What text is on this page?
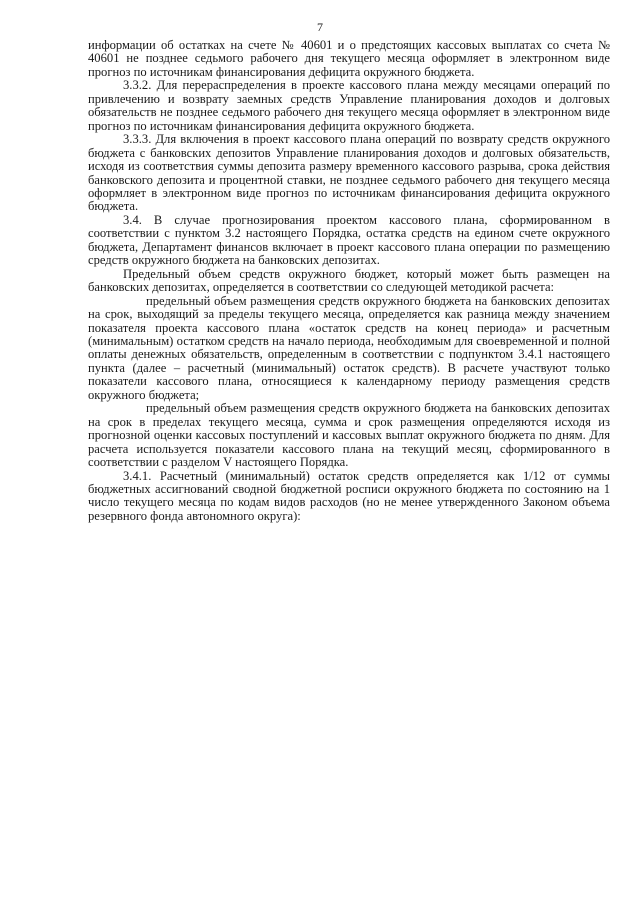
7

информации об остатках на счете № 40601 и о предстоящих кассовых выплатах со счета № 40601 не позднее седьмого рабочего дня текущего месяца оформляет в электронном виде прогноз по источникам финансирования дефицита окружного бюджета.

3.3.2. Для перераспределения в проекте кассового плана между месяцами операций по привлечению и возврату заемных средств Управление планирования доходов и долговых обязательств не позднее седьмого рабочего дня текущего месяца оформляет в электронном виде прогноз по источникам финансирования дефицита окружного бюджета.

3.3.3. Для включения в проект кассового плана операций по возврату средств окружного бюджета с банковских депозитов Управление планирования доходов и долговых обязательств, исходя из соответствия суммы депозита размеру временного кассового разрыва, срока действия банковского депозита и процентной ставки, не позднее седьмого рабочего дня текущего месяца оформляет в электронном виде прогноз по источникам финансирования дефицита окружного бюджета.

3.4. В случае прогнозирования проектом кассового плана, сформированном в соответствии с пунктом 3.2 настоящего Порядка, остатка средств на едином счете окружного бюджета, Департамент финансов включает в проект кассового плана операции по размещению средств окружного бюджета на банковских депозитах.

Предельный объем средств окружного бюджет, который может быть размещен на банковских депозитах, определяется в соответствии со следующей методикой расчета:

предельный объем размещения средств окружного бюджета на банковских депозитах на срок, выходящий за пределы текущего месяца, определяется как разница между значением показателя проекта кассового плана «остаток средств на конец периода» и расчетным (минимальным) остатком средств на начало периода, необходимым для своевременной и полной оплаты денежных обязательств, определенным в соответствии с подпунктом 3.4.1 настоящего пункта (далее – расчетный (минимальный) остаток средств). В расчете участвуют только показатели кассового плана, относящиеся к календарному периоду размещения средств окружного бюджета;

предельный объем размещения средств окружного бюджета на банковских депозитах на срок в пределах текущего месяца, сумма и срок размещения определяются исходя из прогнозной оценки кассовых поступлений и кассовых выплат окружного бюджета по дням. Для расчета используется показатели кассового плана на текущий месяц, сформированного в соответствии с разделом V настоящего Порядка.

3.4.1. Расчетный (минимальный) остаток средств определяется как 1/12 от суммы бюджетных ассигнований сводной бюджетной росписи окружного бюджета по состоянию на 1 число текущего месяца по кодам видов расходов (но не менее утвержденного Законом объема резервного фонда автономного округа):
